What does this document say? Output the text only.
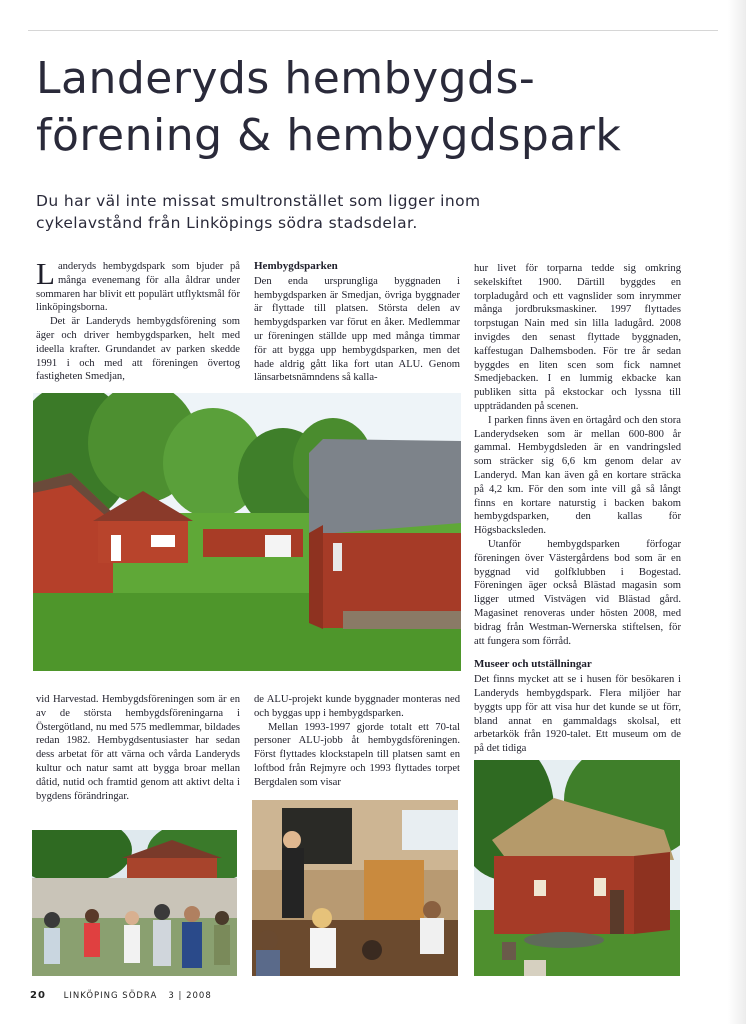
Landeryds hembygds-
förening & hembygdspark

Du har väl inte missat smultronstället som ligger inom
cykelavstånd från Linköpings södra stadsdelar.

Landeryds hembygdspark som bjuder på många evenemang för alla åldrar under sommaren har blivit ett populärt utflyktsmål för linköpingsborna.

Det är Landeryds hembygdsförening som äger och driver hembygdsparken, helt med ideella krafter. Grundandet av parken skedde 1991 i och med att föreningen övertog fastigheten Smedjan,

Hembygdsparken

Den enda ursprungliga byggnaden i hembygdsparken är Smedjan, övriga byggnader är flyttade till platsen. Största delen av hembygdsparken var förut en åker. Medlemmar ur föreningen ställde upp med många timmar för att bygga upp hembygdsparken, men det hade aldrig gått lika fort utan ALU. Genom länsarbetsnämndens så kalla-

hur livet för torparna tedde sig omkring sekelskiftet 1900. Därtill byggdes en torpladugård och ett vagnslider som inrymmer många jordbruksmaskiner. 1997 flyttades torpstugan Nain med sin lilla ladugård. 2008 invigdes den senast flyttade byggnaden, kaffestugan Dalhemsboden. För tre år sedan byggdes en liten scen som fick namnet Smedjebacken. I en lummig ekbacke kan publiken sitta på ekstockar och lyssna till uppträdanden på scenen.

I parken finns även en örtagård och den stora Landerydseken som är mellan 600-800 år gammal. Hembygdsleden är en vandringsled som sträcker sig 6,6 km genom delar av Landeryd. Man kan även gå en kortare sträcka på 4,2 km. För den som inte vill gå så långt finns en kortare naturstig i backen bakom hembygdsparken, den kallas för Högsbacksleden.

Utanför hembygdsparken förfogar föreningen över Västergårdens bod som är en byggnad vid golfklubben i Bogestad. Föreningen äger också Blästad magasin som ligger utmed Vistvägen vid Blästad gård. Magasinet renoveras under hösten 2008, med bidrag från Westman-Wernerska stiftelsen, för att fungera som förråd.

Museer och utställningar

Det finns mycket att se i husen för besökaren i Landeryds hembygdspark. Flera miljöer har byggts upp för att visa hur det kunde se ut förr, bland annat en gammaldags skolsal, ett arbetarkök från 1920-talet. Ett museum om de på det tidiga

vid Harvestad. Hembygdsföreningen som är en av de största hembygdsföreningarna i Östergötland, nu med 575 medlemmar, bildades redan 1982. Hembygdsentusiaster har sedan dess arbetat för att värna och vårda Landeryds kultur och natur samt att bygga broar mellan dåtid, nutid och framtid genom att aktivt delta i bygdens förändringar.

de ALU-projekt kunde byggnader monteras ned och byggas upp i hembygdsparken.

Mellan 1993-1997 gjorde totalt ett 70-tal personer ALU-jobb åt hembygdsföreningen. Först flyttades klockstapeln till platsen samt en loftbod från Rejmyre och 1993 flyttades torpet Bergdalen som visar

20 LINKÖPING SÖDRA 3 | 2008
